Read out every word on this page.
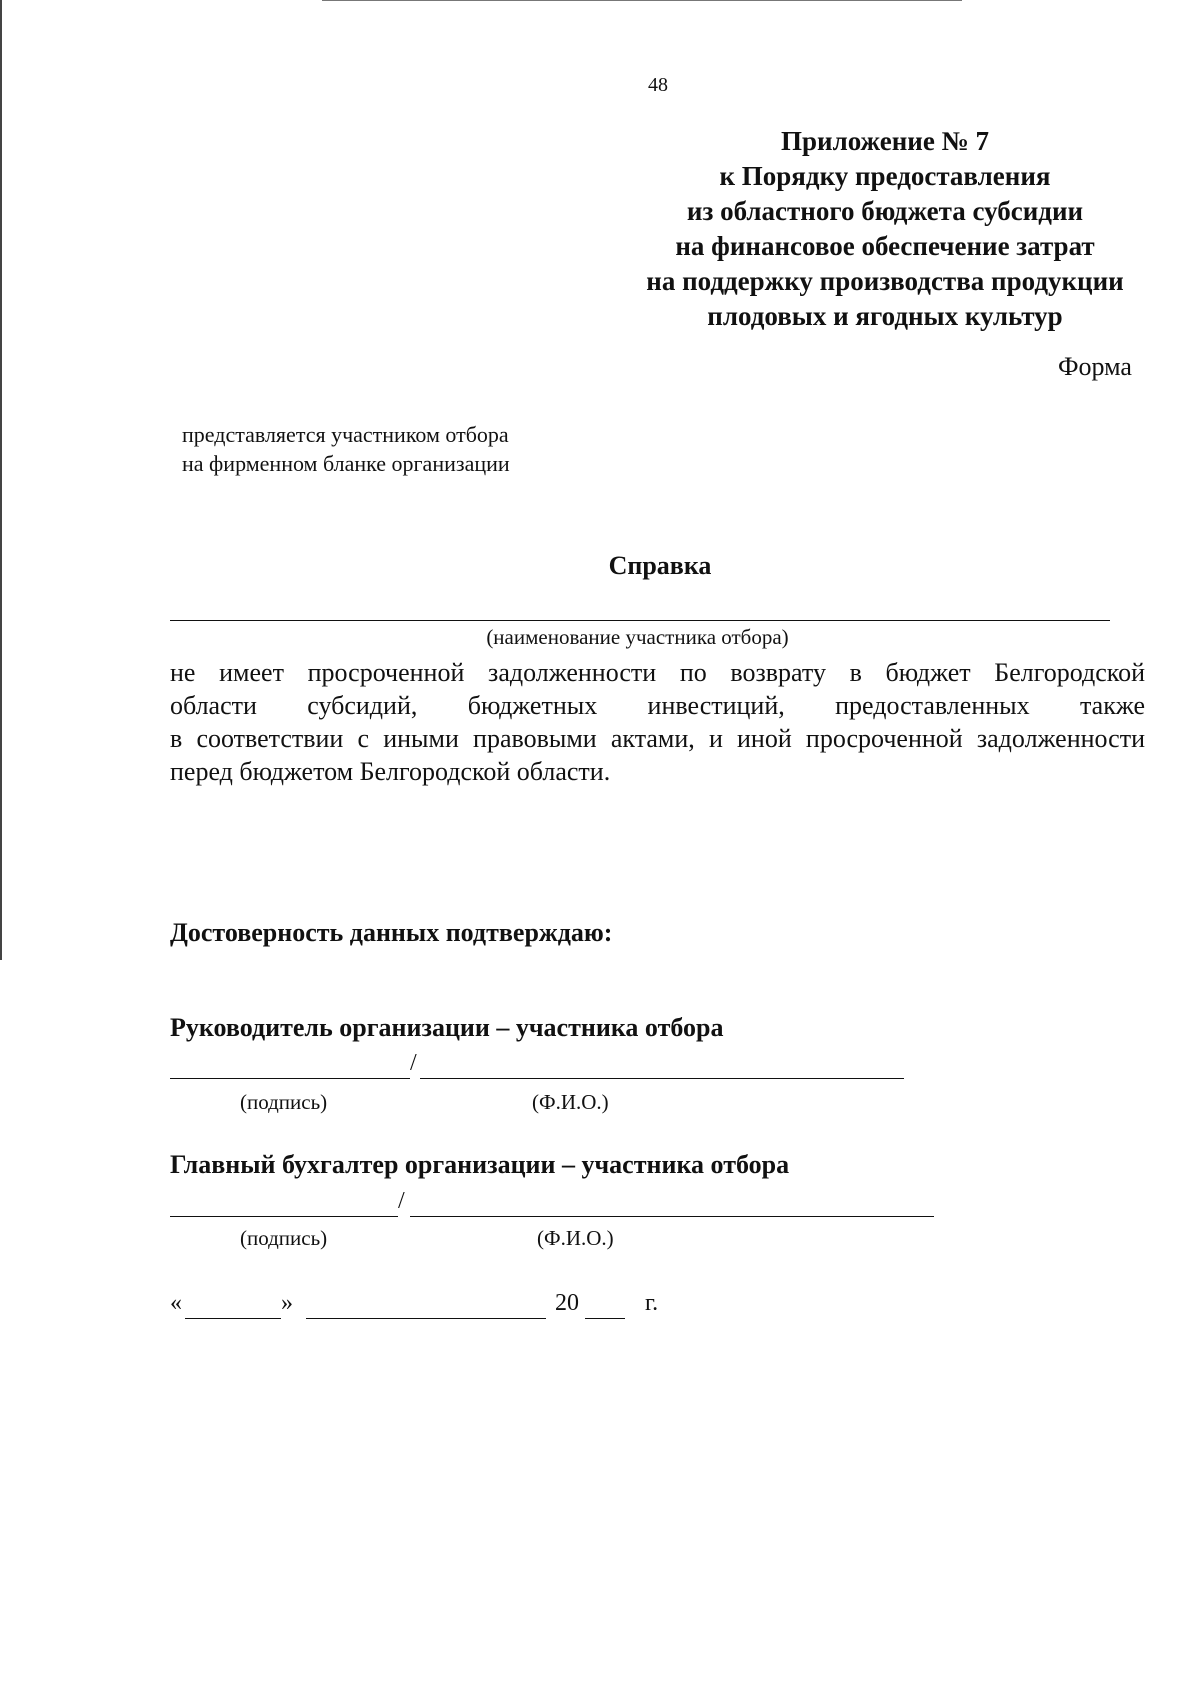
48
Приложение № 7
к Порядку предоставления
из областного бюджета субсидии
на финансовое обеспечение затрат
на поддержку производства продукции
плодовых и ягодных культур
Форма
представляется участником отбора
на фирменном бланке организации
Справка
(наименование участника отбора)
не имеет просроченной задолженности по возврату в бюджет Белгородской
области субсидий, бюджетных инвестиций, предоставленных также
в соответствии с иными правовыми актами, и иной просроченной задолженности
перед бюджетом Белгородской области.
Достоверность данных подтверждаю:
Руководитель организации – участника отбора
/
(подпись)	(Ф.И.О.)
Главный бухгалтер организации – участника отбора
/
(подпись)	(Ф.И.О.)
«	»	20	г.
